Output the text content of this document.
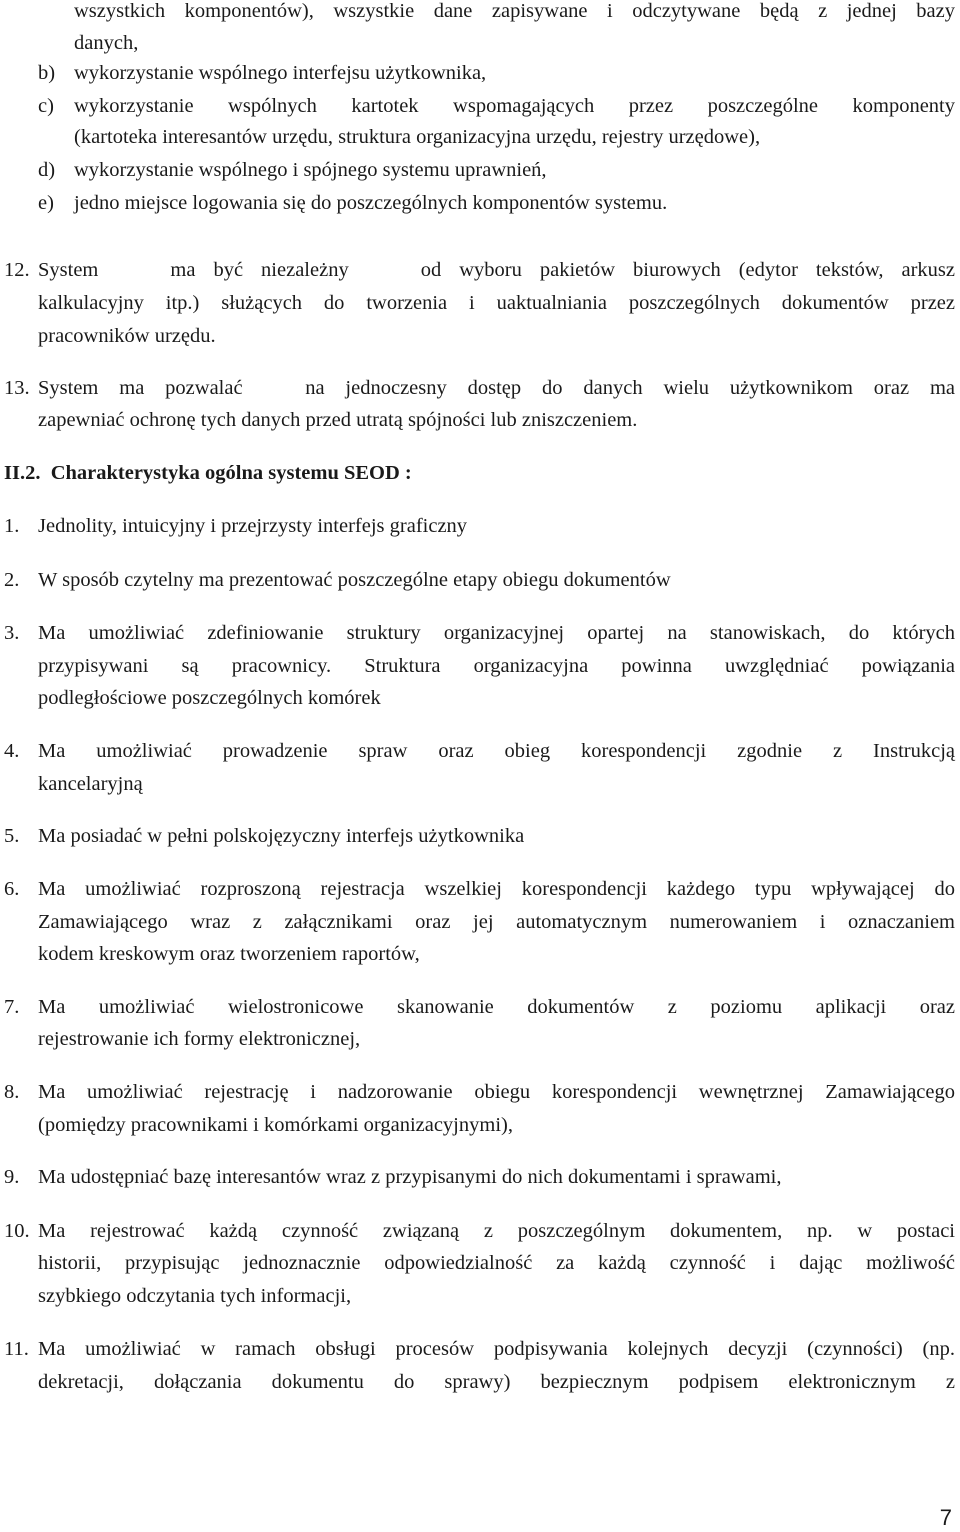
wszystkich komponentów), wszystkie dane zapisywane i odczytywane będą z jednej bazy
danych,
b) wykorzystanie wspólnego interfejsu użytkownika,
c) wykorzystanie wspólnych kartotek wspomagających przez poszczególne komponenty
(kartoteka interesantów urzędu, struktura organizacyjna urzędu, rejestry urzędowe),
d) wykorzystanie wspólnego i spójnego systemu uprawnień,
e) jedno miejsce logowania się do poszczególnych komponentów systemu.
12. System    ma być niezależny    od wyboru pakietów biurowych (edytor tekstów, arkusz
kalkulacyjny itp.) służących do tworzenia i uaktualniania poszczególnych dokumentów przez
pracowników urzędu.
13. System ma pozwalać   na jednoczesny dostęp do danych wielu użytkownikom oraz ma
zapewniać ochronę tych danych przed utratą spójności lub zniszczeniem.
II.2.  Charakterystyka ogólna systemu SEOD :
1. Jednolity, intuicyjny i przejrzysty interfejs graficzny
2. W sposób czytelny ma prezentować poszczególne etapy obiegu dokumentów
3. Ma umożliwiać zdefiniowanie struktury organizacyjnej opartej na stanowiskach, do których
przypisywani są pracownicy. Struktura organizacyjna powinna uwzględniać powiązania
podległościowe poszczególnych komórek
4. Ma umożliwiać prowadzenie spraw oraz obieg korespondencji zgodnie z Instrukcją
kancelaryjną
5. Ma posiadać w pełni polskojęzyczny interfejs użytkownika
6. Ma umożliwiać rozproszoną rejestracja wszelkiej korespondencji każdego typu wpływającej do
Zamawiającego wraz z załącznikami oraz jej automatycznym numerowaniem i oznaczaniem
kodem kreskowym oraz tworzeniem raportów,
7. Ma umożliwiać wielostronicowe skanowanie dokumentów z poziomu aplikacji oraz
rejestrowanie ich formy elektronicznej,
8. Ma umożliwiać rejestrację i nadzorowanie obiegu korespondencji wewnętrznej Zamawiającego
(pomiędzy pracownikami i komórkami organizacyjnymi),
9. Ma udostępniać bazę interesantów wraz z przypisanymi do nich dokumentami i sprawami,
10. Ma rejestrować każdą czynność związaną z poszczególnym dokumentem, np. w postaci
historii, przypisując jednoznacznie odpowiedzialność za każdą czynność i dając możliwość
szybkiego odczytania tych informacji,
11. Ma umożliwiać w ramach obsługi procesów podpisywania kolejnych decyzji (czynności) (np.
dekretacji, dołączania dokumentu do sprawy) bezpiecznym podpisem elektronicznym z
7
